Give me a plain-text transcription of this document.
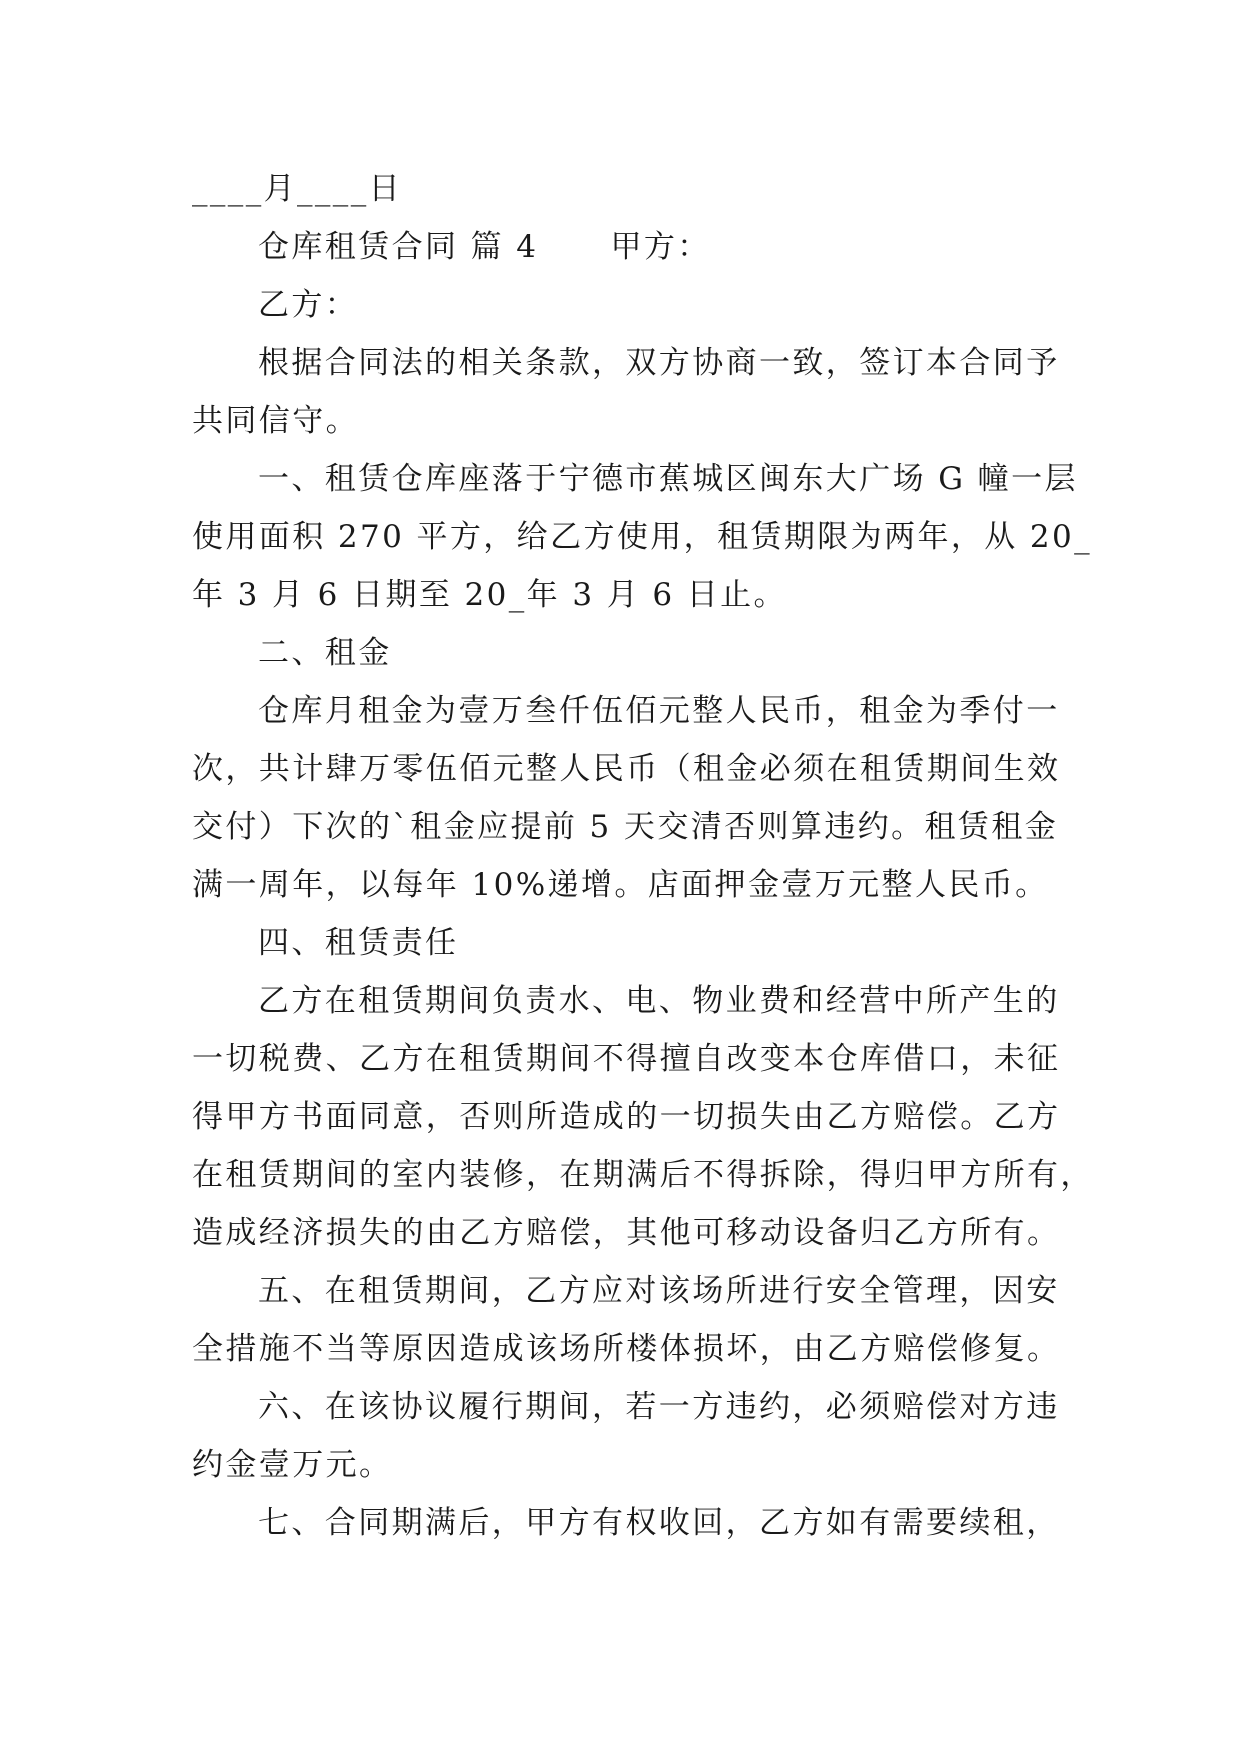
____月____日
仓库租赁合同 篇 4 甲方：
乙方：
根据合同法的相关条款，双方协商一致，签订本合同予
共同信守。
一、租赁仓库座落于宁德市蕉城区闽东大广场 G 幢一层
使用面积 270 平方，给乙方使用，租赁期限为两年，从 20_
年 3 月 6 日期至 20_年 3 月 6 日止。
二、租金
仓库月租金为壹万叁仟伍佰元整人民币，租金为季付一
次，共计肆万零伍佰元整人民币（租金必须在租赁期间生效
交付）下次的`租金应提前 5 天交清否则算违约。租赁租金
满一周年，以每年 10%递增。店面押金壹万元整人民币。
四、租赁责任
乙方在租赁期间负责水、电、物业费和经营中所产生的
一切税费、乙方在租赁期间不得擅自改变本仓库借口，未征
得甲方书面同意，否则所造成的一切损失由乙方赔偿。乙方
在租赁期间的室内装修，在期满后不得拆除，得归甲方所有，
造成经济损失的由乙方赔偿，其他可移动设备归乙方所有。
五、在租赁期间，乙方应对该场所进行安全管理，因安
全措施不当等原因造成该场所楼体损坏，由乙方赔偿修复。
六、在该协议履行期间，若一方违约，必须赔偿对方违
约金壹万元。
七、合同期满后，甲方有权收回，乙方如有需要续租，
